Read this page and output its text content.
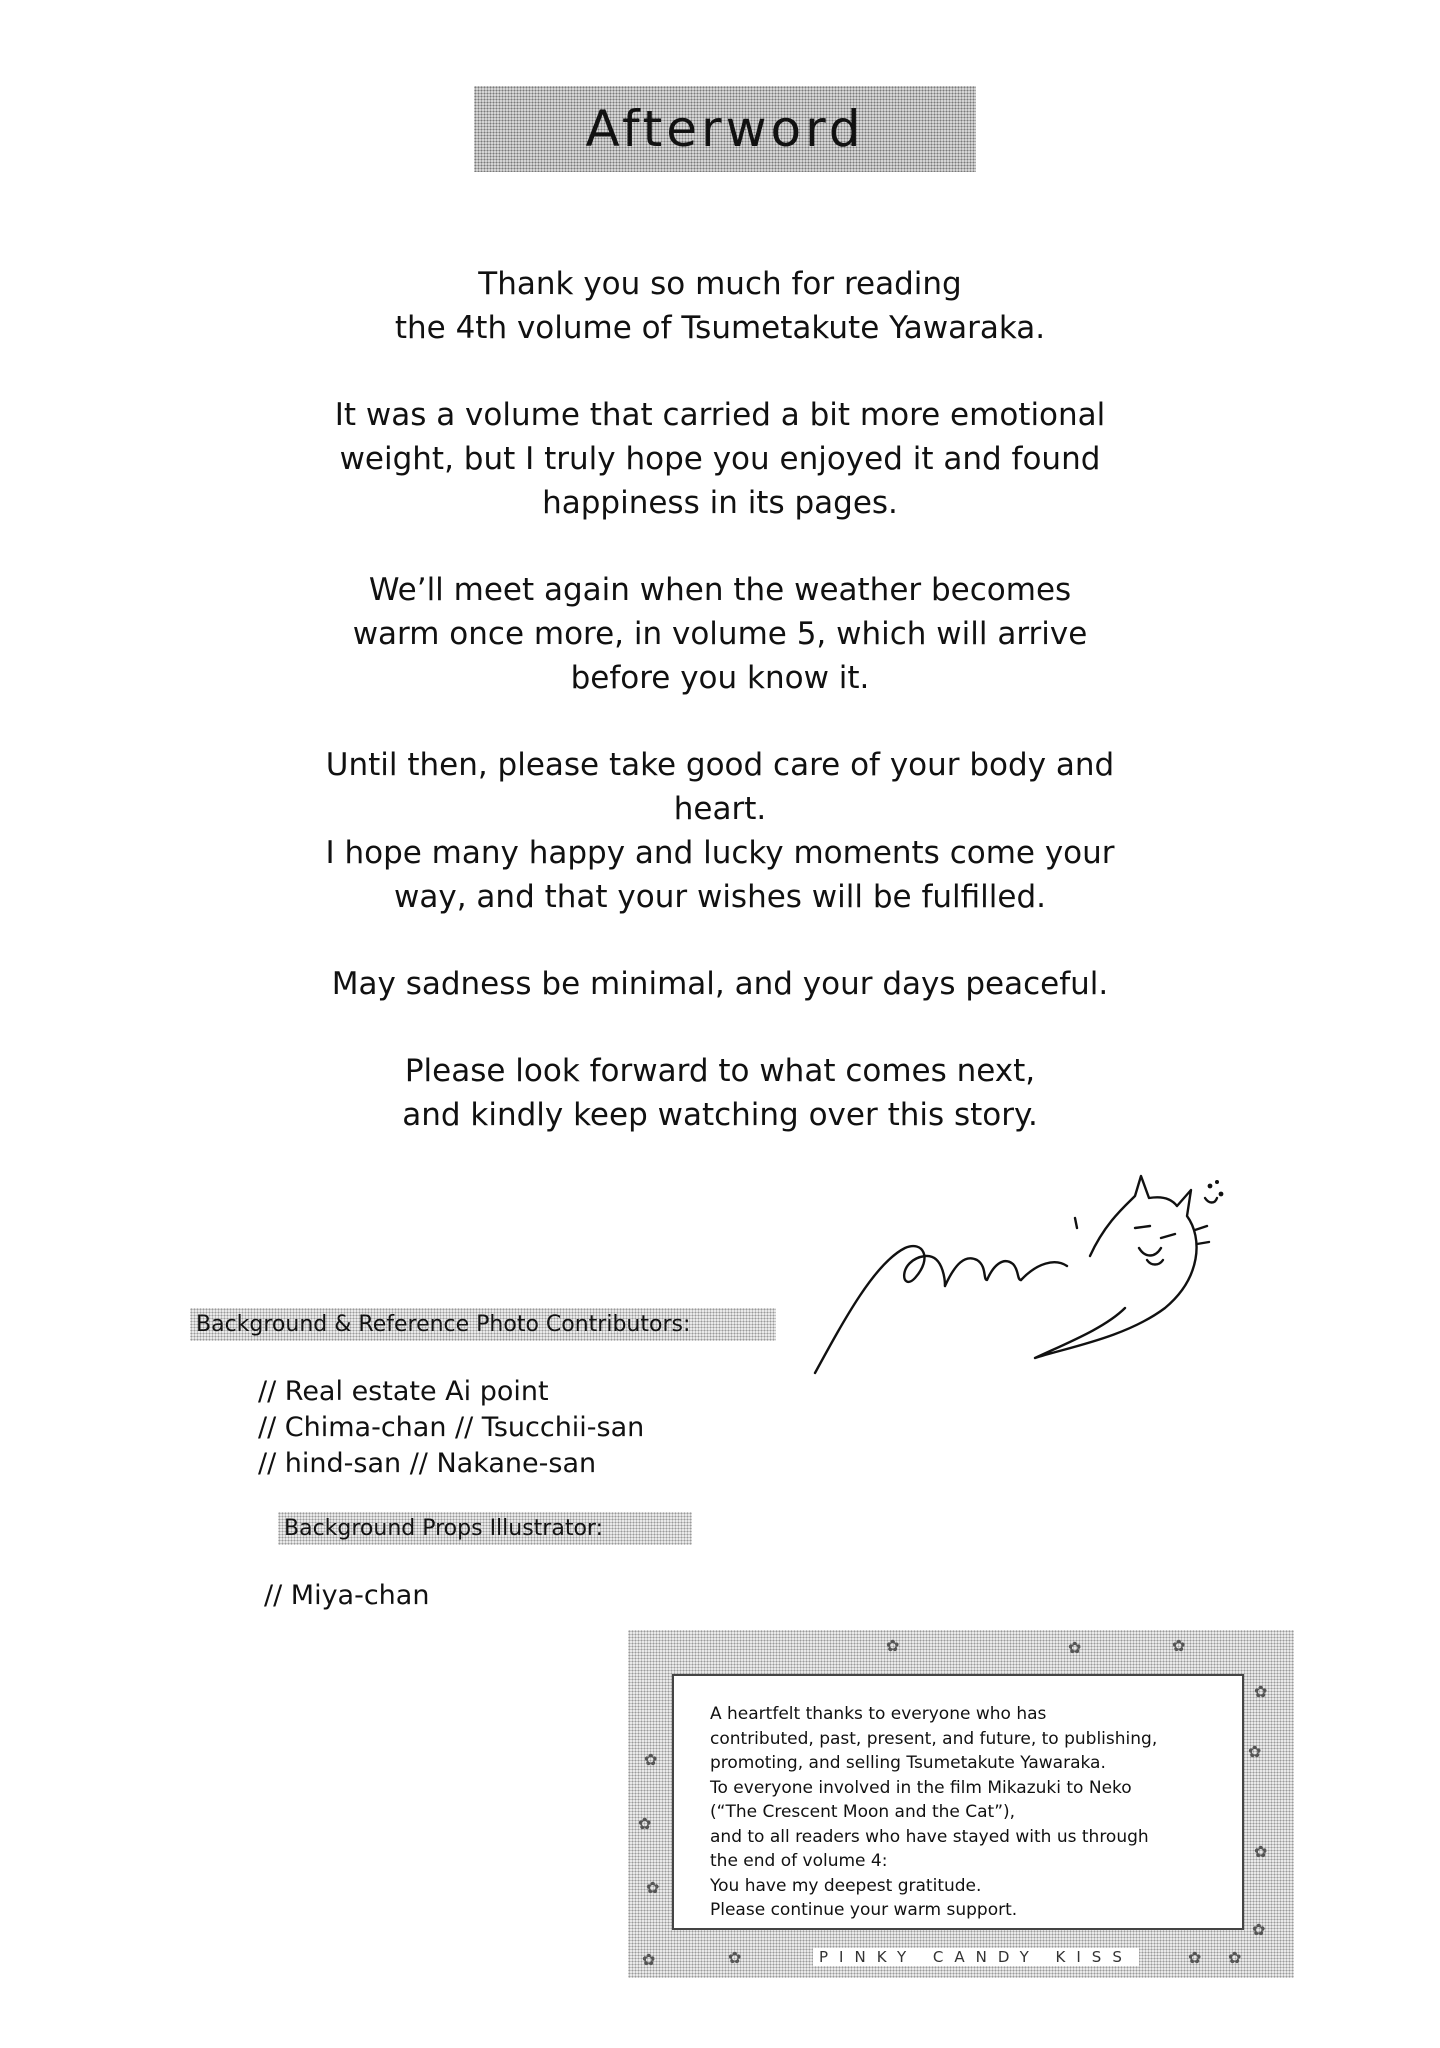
Afterword

Thank you so much for reading
the 4th volume of Tsumetakute Yawaraka.

It was a volume that carried a bit more emotional
weight, but I truly hope you enjoyed it and found
happiness in its pages.

We’ll meet again when the weather becomes
warm once more, in volume 5, which will arrive
before you know it.

Until then, please take good care of your body and
heart.
I hope many happy and lucky moments come your
way, and that your wishes will be fulfilled.

May sadness be minimal, and your days peaceful.

Please look forward to what comes next,
and kindly keep watching over this story.

Background & Reference Photo Contributors:
// Real estate Ai point
// Chima-chan // Tsucchii-san
// hind-san // Nakane-san
Background Props Illustrator:
// Miya-chan
A heartfelt thanks to everyone who has
contributed, past, present, and future, to publishing,
promoting, and selling Tsumetakute Yawaraka.
To everyone involved in the film Mikazuki to Neko
(“The Crescent Moon and the Cat”),
and to all readers who have stayed with us through
the end of volume 4:
You have my deepest gratitude.
Please continue your warm support.
PINKY CANDY KISS
✿	✿	✿
✿
✿
✿
✿
✿
✿
✿
✿	✿	✿ ✿
